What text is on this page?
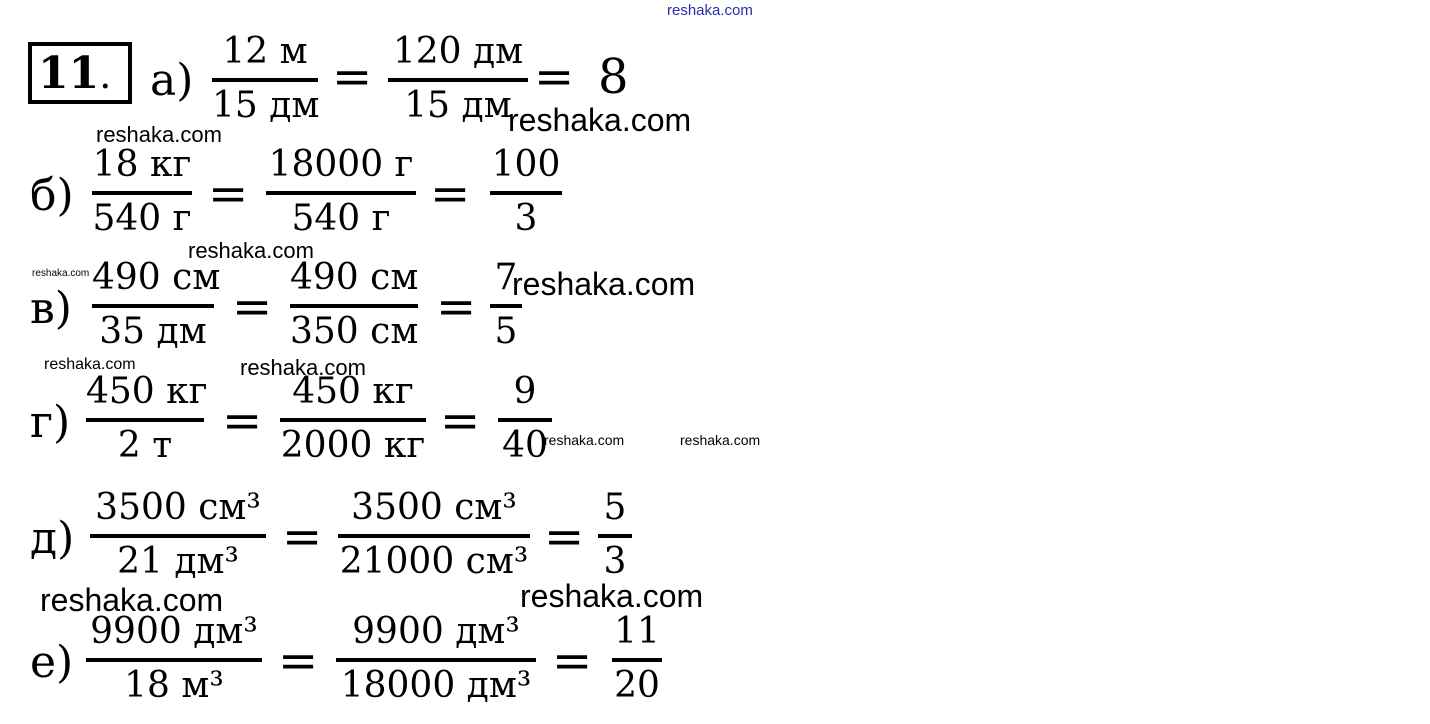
reshaka.com
11. а)
12 м
15 дм
= 120 дм
15 дм
= 8
б)
18 кг
540 г =
18000 г
540 г =
100
3
в)
490 см
35 дм =
490 см
350 см =
7
5
г)
450 кг
2 т	=
450 кг
2000 кг =
9
40
д)
3500 см³
21 дм³ =
3500 см³
21000 см³ =
5
3
е)
9900 дм³
18 м³	=
9900 дм³
18000 дм³ =
11
20
reshaka.com	reshaka.com
reshaka.com
reshaka.com	reshaka.com
reshaka.com	reshaka.com
reshaka.com	reshaka.com
reshaka.com	reshaka.com
